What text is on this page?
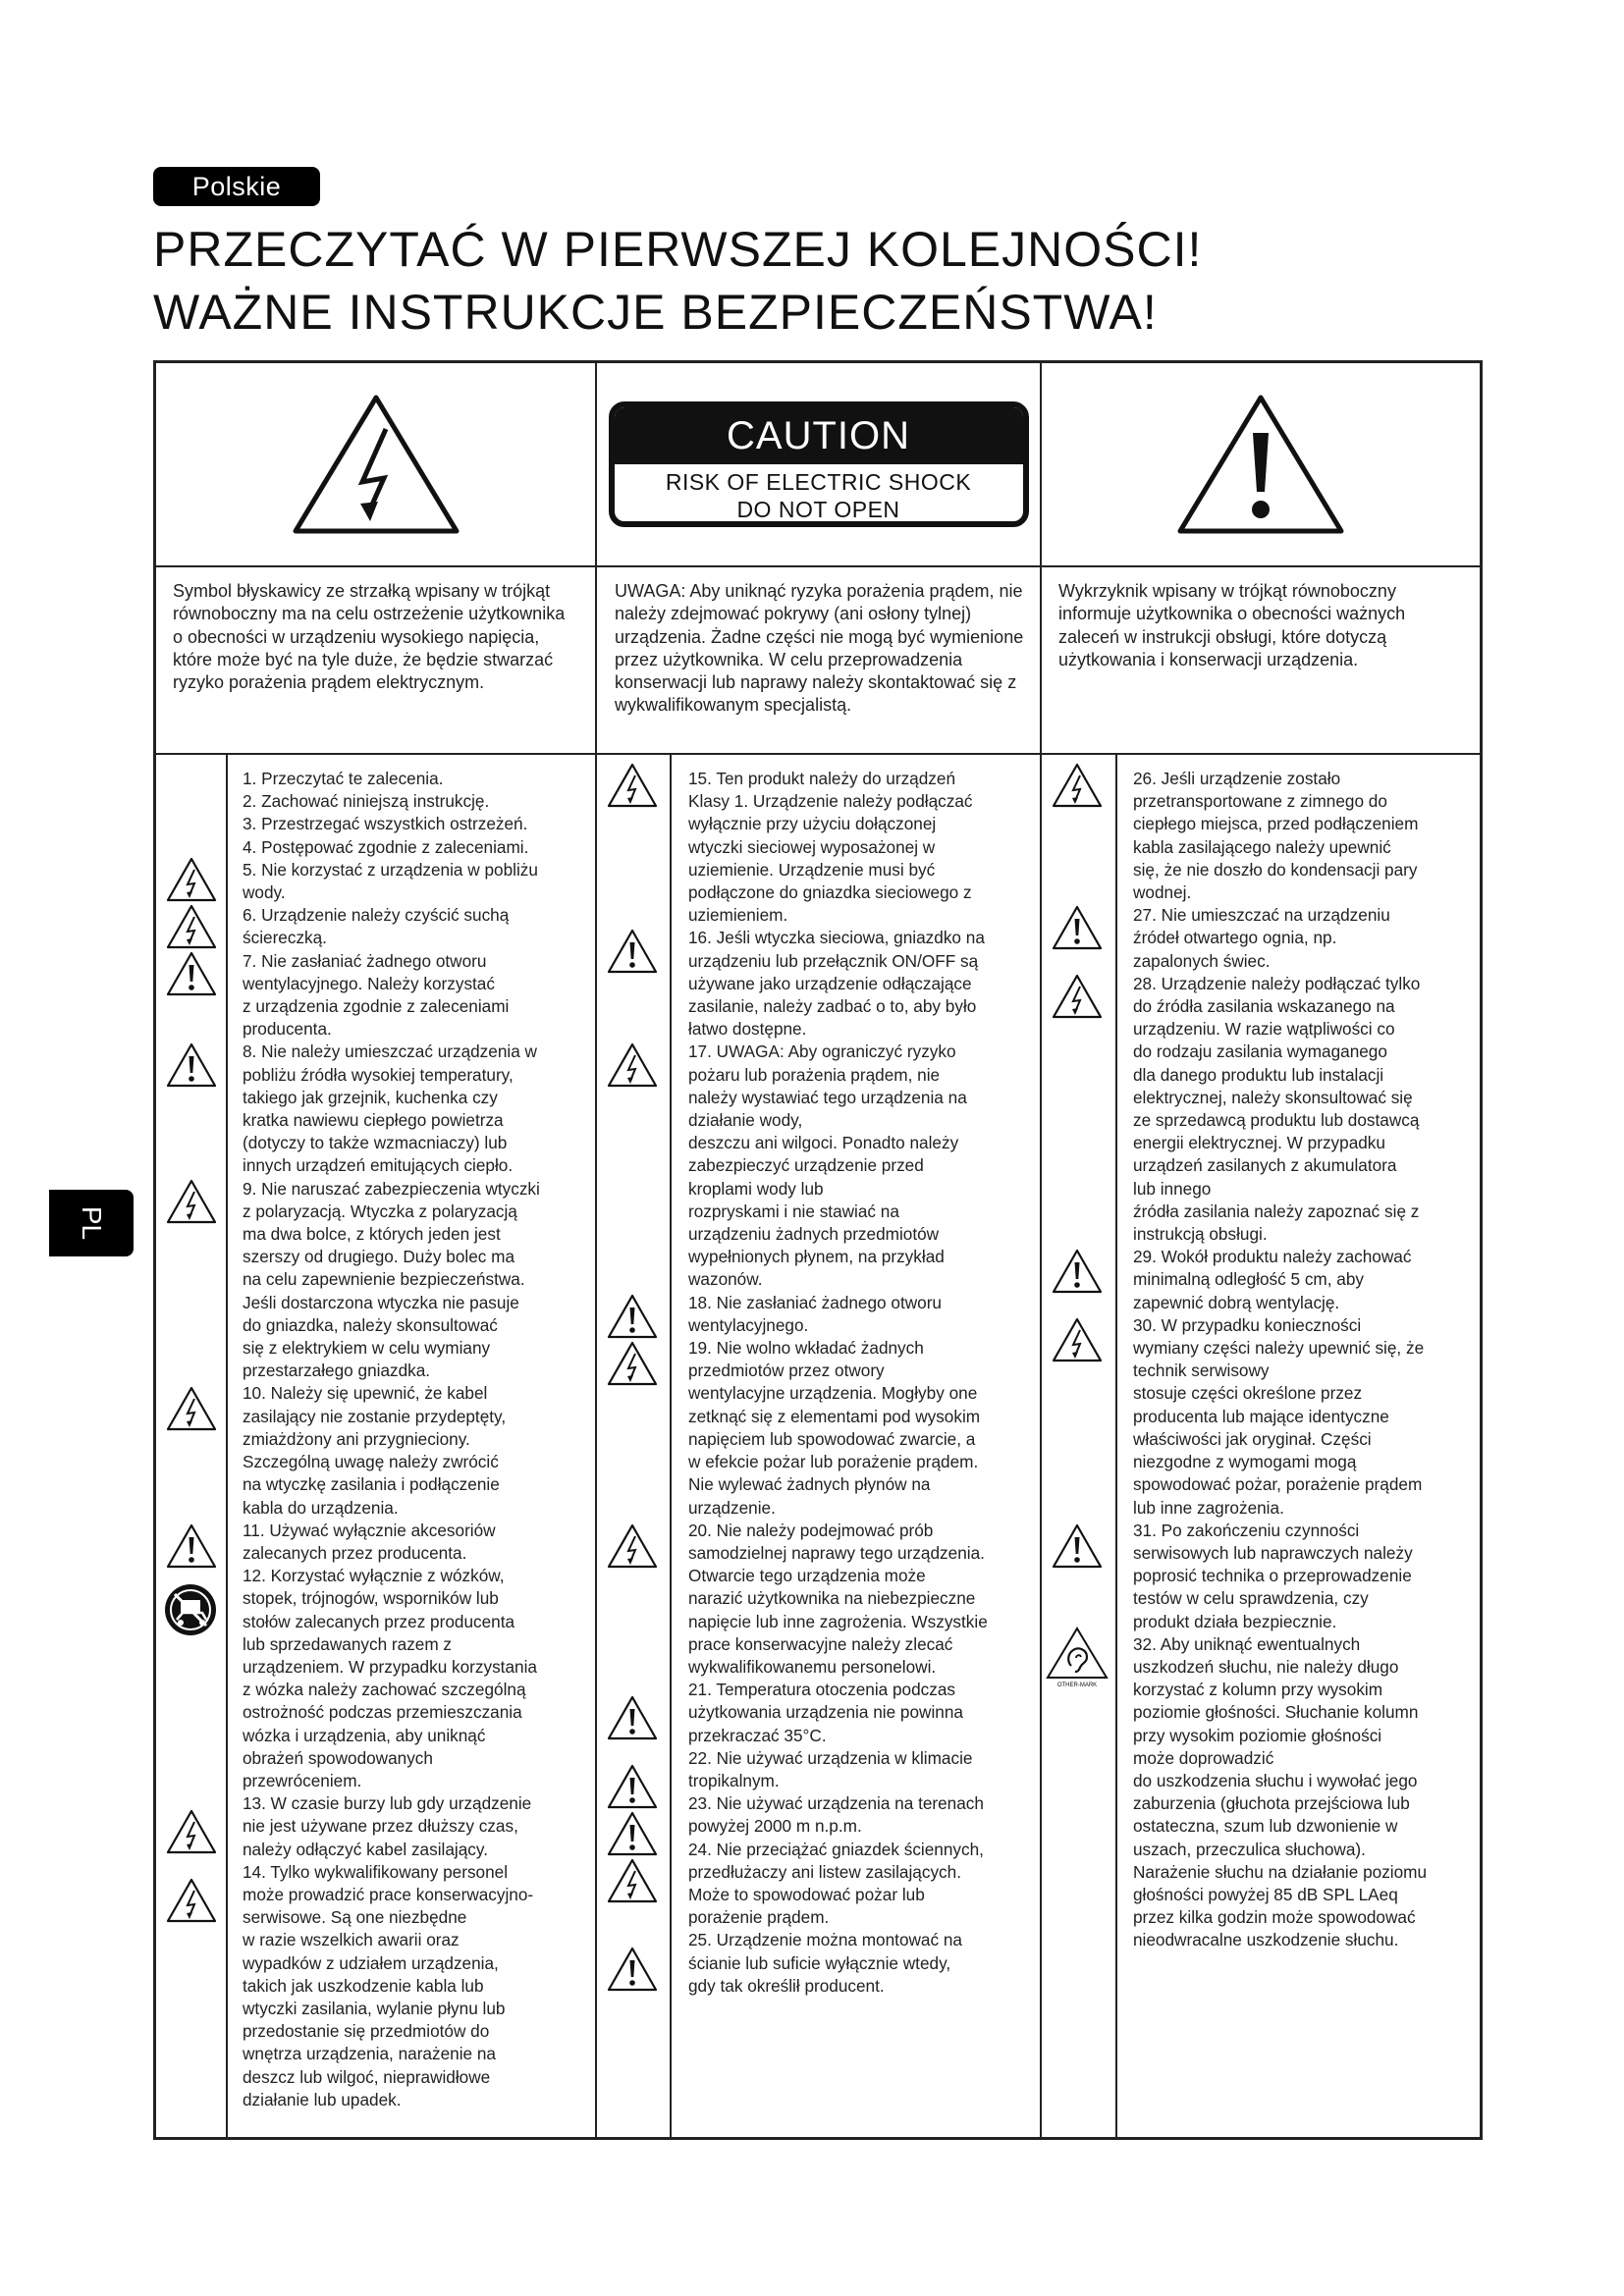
Polskie
PRZECZYTAĆ W PIERWSZEJ KOLEJNOŚCI!
WAŻNE INSTRUKCJE BEZPIECZEŃSTWA!
PL
CAUTION
RISK OF ELECTRIC SHOCK
DO NOT OPEN
Symbol błyskawicy ze strzałką wpisany w trójkąt równoboczny ma na celu ostrzeżenie użytkownika o obecności w urządzeniu wysokiego napięcia, które może być na tyle duże, że będzie stwarzać ryzyko porażenia prądem elektrycznym.
UWAGA: Aby uniknąć ryzyka porażenia prądem, nie należy zdejmować pokrywy (ani osłony tylnej) urządzenia. Żadne części nie mogą być wymienione przez użytkownika. W celu przeprowadzenia konserwacji lub naprawy należy skontaktować się z wykwalifikowanym specjalistą.
Wykrzyknik wpisany w trójkąt równoboczny informuje użytkownika o obecności ważnych zaleceń w instrukcji obsługi, które dotyczą użytkowania i konserwacji urządzenia.
1. Przeczytać te zalecenia.
2. Zachować niniejszą instrukcję.
3. Przestrzegać wszystkich ostrzeżeń.
4. Postępować zgodnie z zaleceniami.
5. Nie korzystać z urządzenia w pobliżu
wody.
6. Urządzenie należy czyścić suchą
ściereczką.
7. Nie zasłaniać żadnego otworu
wentylacyjnego. Należy korzystać
z urządzenia zgodnie z zaleceniami
producenta.
8. Nie należy umieszczać urządzenia w
pobliżu źródła wysokiej temperatury,
takiego jak grzejnik, kuchenka czy
kratka nawiewu ciepłego powietrza
(dotyczy to także wzmacniaczy) lub
innych urządzeń emitujących ciepło.
9. Nie naruszać zabezpieczenia wtyczki
z polaryzacją. Wtyczka z polaryzacją
ma dwa bolce, z których jeden jest
szerszy od drugiego. Duży bolec ma
na celu zapewnienie bezpieczeństwa.
Jeśli dostarczona wtyczka nie pasuje
do gniazdka, należy skonsultować
się z elektrykiem w celu wymiany
przestarzałego gniazdka.
10. Należy się upewnić, że kabel
zasilający nie zostanie przydeptęty,
zmiażdżony ani przygnieciony.
Szczególną uwagę należy zwrócić
na wtyczkę zasilania i podłączenie
kabla do urządzenia.
11. Używać wyłącznie akcesoriów
zalecanych przez producenta.
12. Korzystać wyłącznie z wózków,
stopek, trójnogów, wsporników lub
stołów zalecanych przez producenta
lub sprzedawanych razem z
urządzeniem. W przypadku korzystania
z wózka należy zachować szczególną
ostrożność podczas przemieszczania
wózka i urządzenia, aby uniknąć
obrażeń spowodowanych
przewróceniem.
13. W czasie burzy lub gdy urządzenie
nie jest używane przez dłuższy czas,
należy odłączyć kabel zasilający.
14. Tylko wykwalifikowany personel
może prowadzić prace konserwacyjno-
serwisowe. Są one niezbędne
w razie wszelkich awarii oraz
wypadków z udziałem urządzenia,
takich jak uszkodzenie kabla lub
wtyczki zasilania, wylanie płynu lub
przedostanie się przedmiotów do
wnętrza urządzenia, narażenie na
deszcz lub wilgoć, nieprawidłowe
działanie lub upadek.
15. Ten produkt należy do urządzeń
Klasy 1. Urządzenie należy podłączać
wyłącznie przy użyciu dołączonej
wtyczki sieciowej wyposażonej w
uziemienie. Urządzenie musi być
podłączone do gniazdka sieciowego z
uziemieniem.
16. Jeśli wtyczka sieciowa, gniazdko na
urządzeniu lub przełącznik ON/OFF są
używane jako urządzenie odłączające
zasilanie, należy zadbać o to, aby było
łatwo dostępne.
17. UWAGA: Aby ograniczyć ryzyko
pożaru lub porażenia prądem, nie
należy wystawiać tego urządzenia na
działanie wody,
deszczu ani wilgoci. Ponadto należy
zabezpieczyć urządzenie przed
kroplami wody lub
rozpryskami i nie stawiać na
urządzeniu żadnych przedmiotów
wypełnionych płynem, na przykład
wazonów.
18. Nie zasłaniać żadnego otworu
wentylacyjnego.
19. Nie wolno wkładać żadnych
przedmiotów przez otwory
wentylacyjne urządzenia. Mogłyby one
zetknąć się z elementami pod wysokim
napięciem lub spowodować zwarcie, a
w efekcie pożar lub porażenie prądem.
Nie wylewać żadnych płynów na
urządzenie.
20. Nie należy podejmować prób
samodzielnej naprawy tego urządzenia.
Otwarcie tego urządzenia może
narazić użytkownika na niebezpieczne
napięcie lub inne zagrożenia. Wszystkie
prace konserwacyjne należy zlecać
wykwalifikowanemu personelowi.
21. Temperatura otoczenia podczas
użytkowania urządzenia nie powinna
przekraczać 35°C.
22. Nie używać urządzenia w klimacie
tropikalnym.
23. Nie używać urządzenia na terenach
powyżej 2000 m n.p.m.
24. Nie przeciążać gniazdek ściennych,
przedłużaczy ani listew zasilających.
Może to spowodować pożar lub
porażenie prądem.
25. Urządzenie można montować na
ścianie lub suficie wyłącznie wtedy,
gdy tak określił producent.
26. Jeśli urządzenie zostało
przetransportowane z zimnego do
ciepłego miejsca, przed podłączeniem
kabla zasilającego należy upewnić
się, że nie doszło do kondensacji pary
wodnej.
27. Nie umieszczać na urządzeniu
źródeł otwartego ognia, np.
zapalonych świec.
28. Urządzenie należy podłączać tylko
do źródła zasilania wskazanego na
urządzeniu. W razie wątpliwości co
do rodzaju zasilania wymaganego
dla danego produktu lub instalacji
elektrycznej, należy skonsultować się
ze sprzedawcą produktu lub dostawcą
energii elektrycznej. W przypadku
urządzeń zasilanych z akumulatora
lub innego
źródła zasilania należy zapoznać się z
instrukcją obsługi.
29. Wokół produktu należy zachować
minimalną odległość 5 cm, aby
zapewnić dobrą wentylację.
30. W przypadku konieczności
wymiany części należy upewnić się, że
technik serwisowy
stosuje części określone przez
producenta lub mające identyczne
właściwości jak oryginał. Części
niezgodne z wymogami mogą
spowodować pożar, porażenie prądem
lub inne zagrożenia.
31. Po zakończeniu czynności
serwisowych lub naprawczych należy
poprosić technika o przeprowadzenie
testów w celu sprawdzenia, czy
produkt działa bezpiecznie.
32. Aby uniknąć ewentualnych
uszkodzeń słuchu, nie należy długo
korzystać z kolumn przy wysokim
poziomie głośności. Słuchanie kolumn
przy wysokim poziomie głośności
może doprowadzić
do uszkodzenia słuchu i wywołać jego
zaburzenia (głuchota przejściowa lub
ostateczna, szum lub dzwonienie w
uszach, przeczulica słuchowa).
Narażenie słuchu na działanie poziomu
głośności powyżej 85 dB SPL LAeq
przez kilka godzin może spowodować
nieodwracalne uszkodzenie słuchu.
OTHER-MARK
